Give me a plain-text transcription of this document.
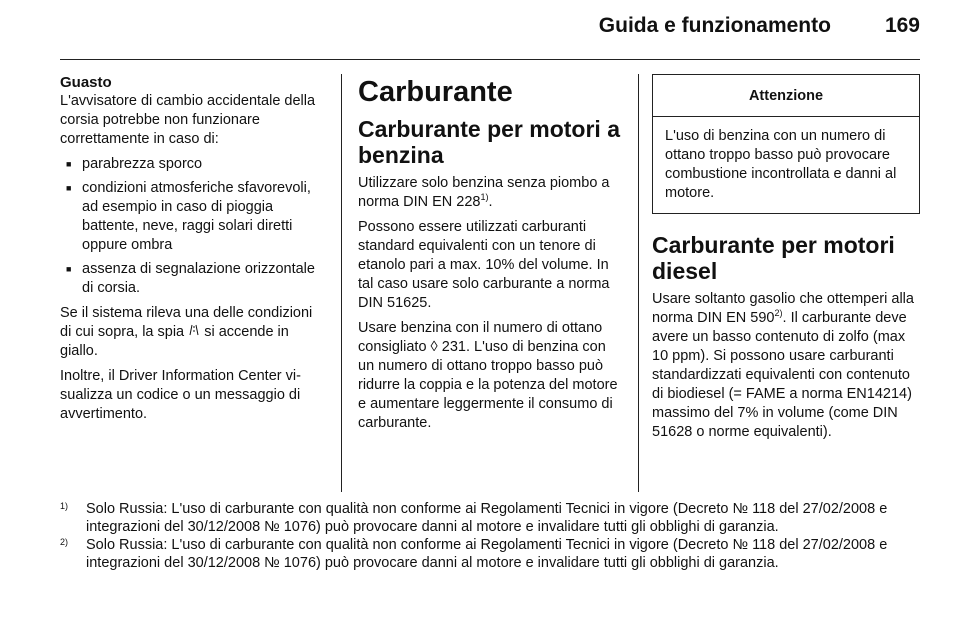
Guida e funzionamento	169
Guasto

L'avvisatore di cambio accidentale della corsia potrebbe non funzionare correttamente in caso di:

■ parabrezza sporco
■ condizioni atmosferiche sfavorevoli, ad esempio in caso di pioggia battente, neve, raggi solari diretti oppure ombra
■ assenza di segnalazione orizzontale di corsia.

Se il sistema rileva una delle condizioni di cui sopra, la spia si accende in giallo.

Inoltre, il Driver Information Center visualizza un codice o un messaggio di avvertimento.

Carburante
Carburante per motori a benzina

Utilizzare solo benzina senza piombo a norma DIN EN 228$^{1)}$.

Possono essere utilizzati carburanti standard equivalenti con un tenore di etanolo pari a max. 10% del volume. In tal caso usare solo carburante a norma DIN 51625.

Usare benzina con il numero di ottano consigliato ◊ 231. L'uso di benzina con un numero di ottano troppo basso può ridurre la coppia e la potenza del motore e aumentare leggermente il consumo di carburante.

Attenzione
L'uso di benzina con un numero di ottano troppo basso può provocare combustione incontrollata e danni al motore.
Carburante per motori diesel

Usare soltanto gasolio che ottemperi alla norma DIN EN 590$^{2)}$. Il carburante deve avere un basso contenuto di zolfo (max 10 ppm). Si possono usare carburanti standardizzati equivalenti con contenuto di biodiesel (= FAME a norma EN14214) massimo del 7% in volume (come DIN 51628 o norme equivalenti).

1) Solo Russia: L'uso di carburante con qualità non conforme ai Regolamenti Tecnici in vigore (Decreto № 118 del 27/02/2008 e integrazioni del 30/12/2008 № 1076) può provocare danni al motore e invalidare tutti gli obblighi di garanzia.
2) Solo Russia: L'uso di carburante con qualità non conforme ai Regolamenti Tecnici in vigore (Decreto № 118 del 27/02/2008 e integrazioni del 30/12/2008 № 1076) può provocare danni al motore e invalidare tutti gli obblighi di garanzia.
